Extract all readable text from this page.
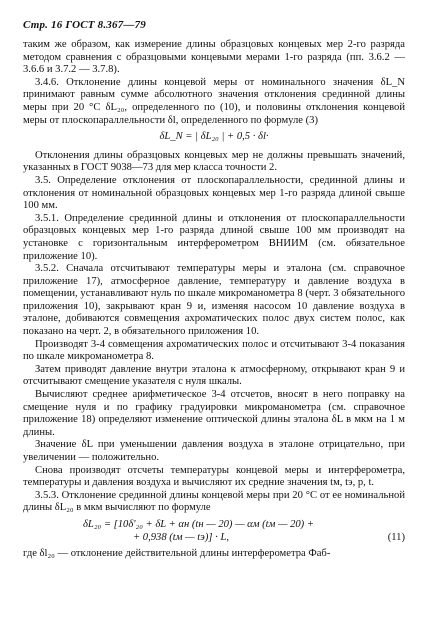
Стр. 16 ГОСТ 8.367—79

таким же образом, как измерение длины образцовых концевых мер 2-го разряда методом сравнения с образцовыми концевыми мерами 1-го разряда (пп. 3.6.2 — 3.6.6 и 3.7.2 — 3.7.8).

3.4.6. Отклонение длины концевой меры от номинального значения δL_N принимают равным сумме абсолютного значения отклонения срединной длины меры при 20 °С δL₂₀, определенного по (10), и половины отклонения концевой меры от плоскопараллельности δl, определенного по формуле (3)

δL_N = | δL₂₀ | + 0,5 · δl·

Отклонения длины образцовых концевых мер не должны превышать значений, указанных в ГОСТ 9038—73 для мер класса точности 2.

3.5. Определение отклонения от плоскопараллельности, срединной длины и отклонения от номинальной образцовых концевых мер 1-го разряда длиной свыше 100 мм.

3.5.1. Определение срединной длины и отклонения от плоскопараллельности образцовых концевых мер 1-го разряда длиной свыше 100 мм производят на установке с горизонтальным интерферометром ВНИИМ (см. обязательное приложение 10).

3.5.2. Сначала отсчитывают температуры меры и эталона (см. справочное приложение 17), атмосферное давление, температуру и давление воздуха в помещении, устанавливают нуль по шкале микроманометра 8 (черт. 3 обязательного приложения 10), закрывают кран 9 и, изменяя насосом 10 давление воздуха в эталоне, добиваются совмещения ахроматических полос двух систем полос, как показано на черт. 2, в обязательного приложения 10.

Производят 3-4 совмещения ахроматических полос и отсчитывают 3-4 показания по шкале микроманометра 8.

Затем приводят давление внутри эталона к атмосферному, открывают кран 9 и отсчитывают смещение указателя с нуля шкалы.

Вычисляют среднее арифметическое 3-4 отсчетов, вносят в него поправку на смещение нуля и по графику градуировки микроманометра (см. справочное приложение 18) определяют изменение оптической длины эталона δL в мкм на 1 м длины.

Значение δL при уменьшении давления воздуха в эталоне отрицательно, при увеличении — положительно.

Снова производят отсчеты температуры концевой меры и интерферометра, температуры и давления воздуха и вычисляют их средние значения tм, tэ, p, t.

3.5.3. Отклонение срединной длины концевой меры при 20 °С от ее номинальной длины δL₂₀ в мкм вычисляют по формуле

δL₂₀ = [10δ'₂₀ + δL + αн (tн — 20) — αм (tм — 20) +
+ 0,938 (tм — tэ)] · L,	(11)

где δl₂₀ — отклонение действительной длины интерферометра Фаб-
